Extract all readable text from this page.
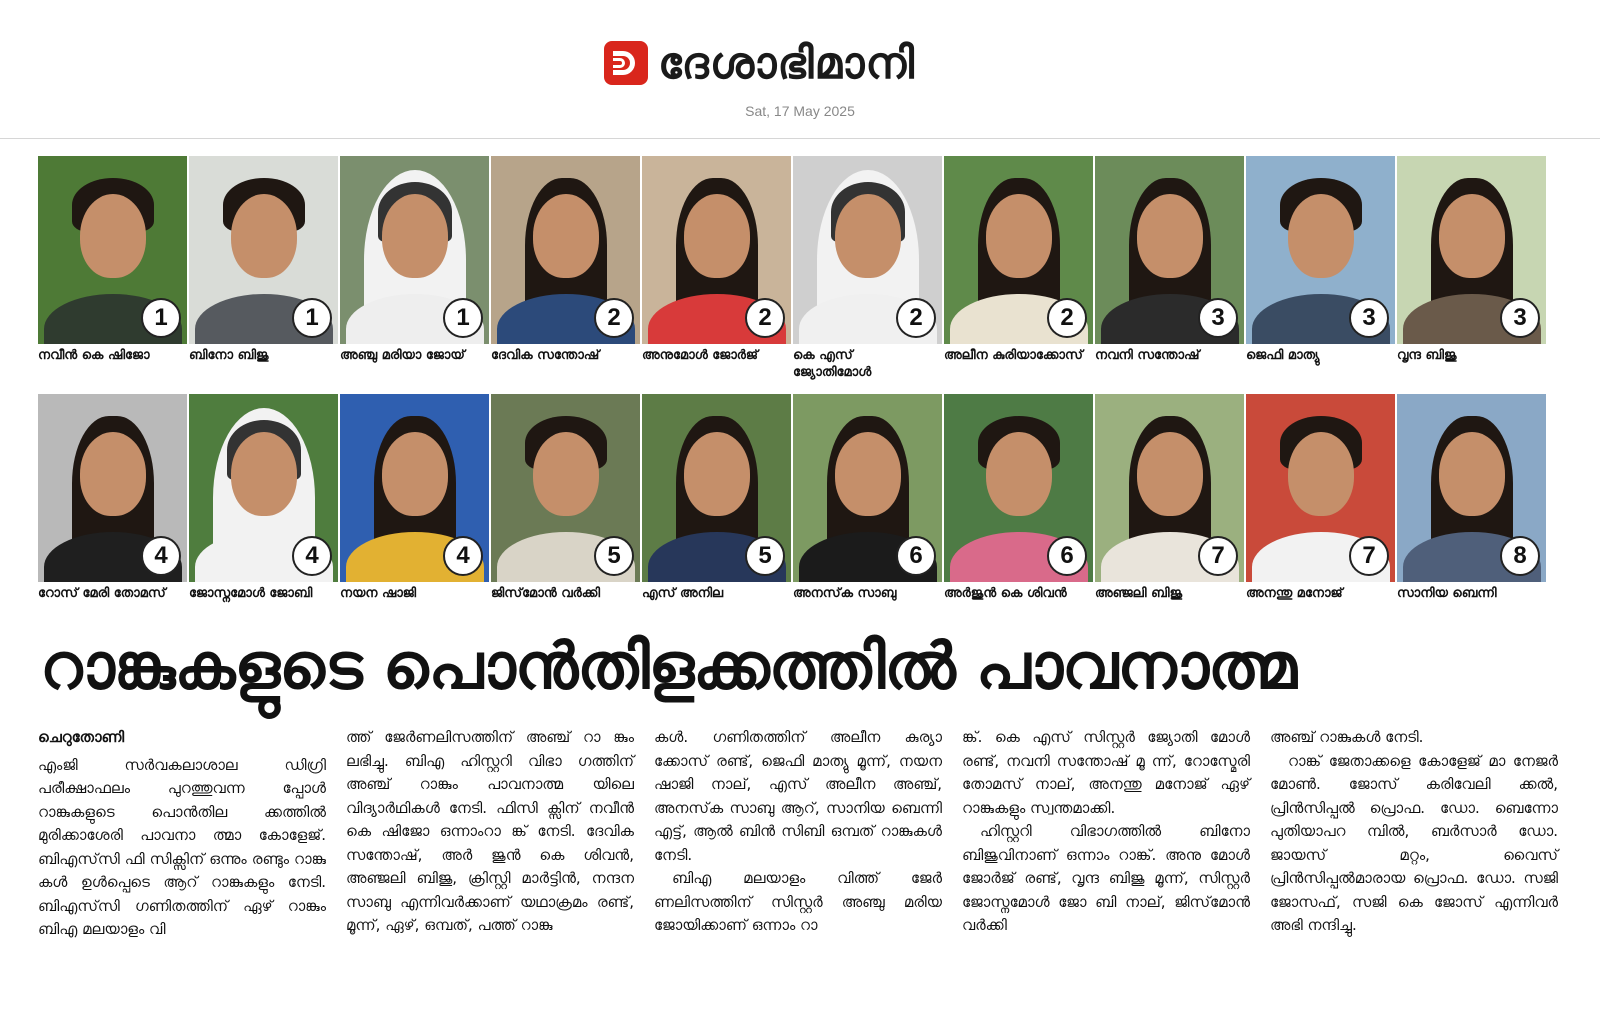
ദേശാഭിമാനി
Sat, 17 May 2025
1
നവീൻ കെ ഷിജോ
1
ബിനോ ബിജു
1
അഞ്ചു മരിയാ ജോയ്
2
ദേവിക സന്തോഷ്
2
അനുമോൾ ജോർജ്
2
കെ എസ് ജ്യോതിമോൾ
2
അലീന കുരിയാക്കോസ്
3
നവനി സന്തോഷ്
3
ജെഫി മാത്യു
3
വൃന്ദ ബിജു
4
റോസ് മേരി തോമസ്
4
ജോസ്നമോൾ ജോബി
4
നയന ഷാജി
5
ജിസ്‌മോൻ വർക്കി
5
എസ് അനില
6
അനസ്‌ക സാബു
6
അർജുൻ കെ ശിവൻ
7
അഞ്ജലി ബിജു
7
അനന്തു മനോജ്
8
സാനിയ ബെന്നി
റാങ്കുകളുടെ പൊൻതിളക്കത്തിൽ പാവനാത്മ
ചെറുതോണി

എംജി സർവകലാശാല ഡിഗ്രി പരീക്ഷാഫലം പുറത്തുവന്ന പ്പോൾ റാങ്കുകളുടെ പൊൻതില ക്കത്തിൽ മുരിക്കാശേരി പാവനാ ത്മാ കോളേജ്. ബിഎസ്‌സി ഫി സിക്സിന് ഒന്നും രണ്ടും റാങ്കു കൾ ഉൾപ്പെടെ ആറ് റാങ്കുകളും നേടി. ബിഎസ്‌സി ഗണിതത്തിന് ഏഴ് റാങ്കും ബിഎ മലയാളം വി

ത്ത് ജേർണലിസത്തിന് അഞ്ച് റാ ങ്കും ലഭിച്ചു. ബിഎ ഹിസ്റ്ററി വിഭാ ഗത്തിന് അഞ്ച് റാങ്കും പാവനാത്മ യിലെ വിദ്യാർഥികൾ നേടി. ഫിസി ക്സിന് നവീൻ കെ ഷിജോ ഒന്നാംറാ ങ്ക് നേടി. ദേവിക സന്തോഷ്, അർ ജുൻ കെ ശിവൻ, അഞ്ജലി ബിജു, ക്രിസ്റ്റി മാർട്ടിൻ, നന്ദന സാബു എന്നിവർക്കാണ് യഥാക്രമം രണ്ട്, മൂന്ന്, ഏഴ്, ഒമ്പത്, പത്ത് റാങ്കു

കൾ. ഗണിതത്തിന് അലീന കുര്യാ ക്കോസ് രണ്ട്, ജെഫി മാത്യു മൂന്ന്, നയന ഷാജി നാല്, എസ് അലീന അഞ്ച്, അനസ്‌ക സാബു ആറ്, സാനിയ ബെന്നി എട്ട്, ആൽ ബിൻ സിബി ഒമ്പത് റാങ്കുകൾ നേടി.

ബിഎ മലയാളം വിത്ത് ജേർ ണലിസത്തിന് സിസ്റ്റർ അഞ്ചു മരിയ ജോയിക്കാണ് ഒന്നാം റാ

ങ്ക്. കെ എസ് സിസ്റ്റർ ജ്യോതി മോൾ രണ്ട്, നവനി സന്തോഷ് മൂ ന്ന്, റോസ്മേരി തോമസ് നാല്, അനന്തു മനോജ് ഏഴ് റാങ്കുകളും സ്വന്തമാക്കി.

ഹിസ്റ്ററി വിഭാഗത്തിൽ ബിനോ ബിജുവിനാണ് ഒന്നാം റാങ്ക്. അനു മോൾ ജോർജ് രണ്ട്, വൃന്ദ ബിജു മൂന്ന്, സിസ്റ്റർ ജോസ്നമോൾ ജോ ബി നാല്, ജിസ്‌മോൻ വർക്കി

അഞ്ച് റാങ്കുകൾ നേടി.

റാങ്ക് ജേതാക്കളെ കോളേജ് മാ നേജർ മോൺ. ജോസ് കരിവേലി ക്കൽ, പ്രിൻസിപ്പൽ പ്രൊഫ. ഡോ. ബെന്നോ പുതിയാപറ മ്പിൽ, ബർസാർ ഡോ. ജായസ് മറ്റം, വൈസ് പ്രിൻസിപ്പൽമാരായ പ്രൊഫ. ഡോ. സജി ജോസഫ്, സജി കെ ജോസ് എന്നിവർ അഭി നന്ദിച്ചു.
